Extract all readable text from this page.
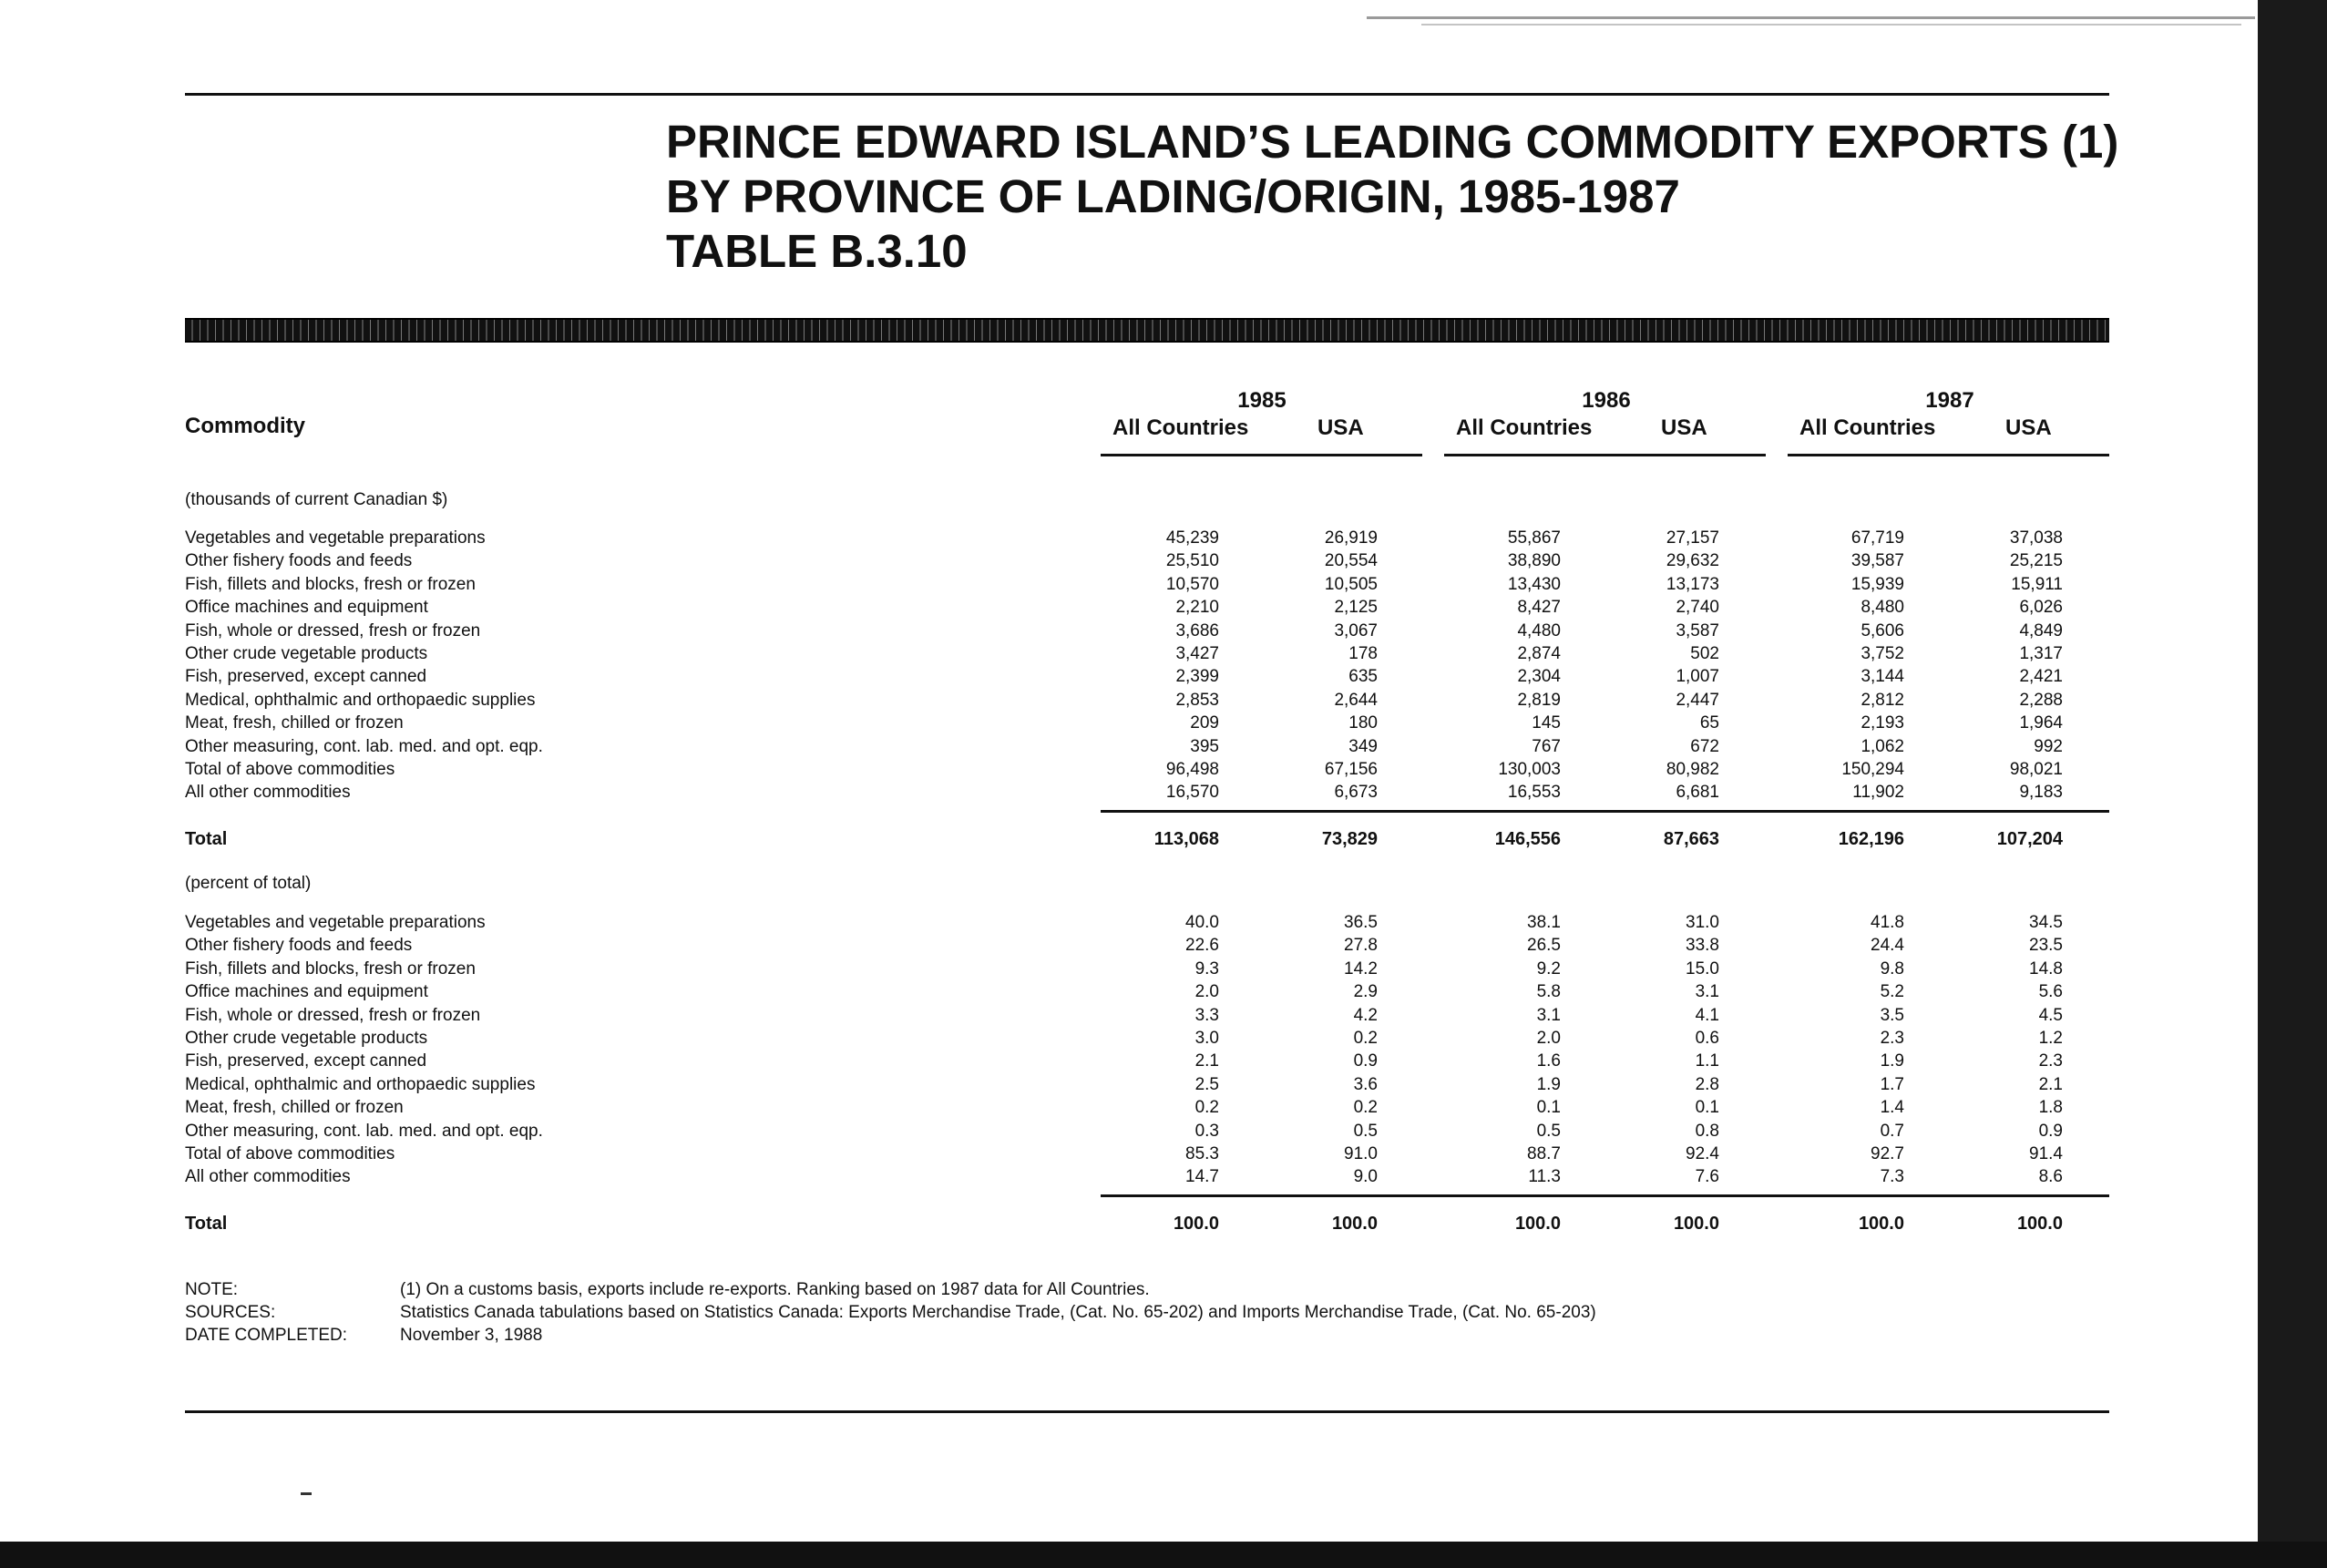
PRINCE EDWARD ISLAND’S LEADING COMMODITY EXPORTS (1)
BY PROVINCE OF LADING/ORIGIN, 1985-1987
TABLE B.3.10
Commodity
1985	1986	1987
All Countries	USA	All Countries	USA	All Countries	USA
(thousands of current Canadian $)
Vegetables and vegetable preparations	45,239	26,919	55,867	27,157	67,719	37,038
Other fishery foods and feeds	25,510	20,554	38,890	29,632	39,587	25,215
Fish, fillets and blocks, fresh or frozen	10,570	10,505	13,430	13,173	15,939	15,911
Office machines and equipment	2,210	2,125	8,427	2,740	8,480	6,026
Fish, whole or dressed, fresh or frozen	3,686	3,067	4,480	3,587	5,606	4,849
Other crude vegetable products	3,427	178	2,874	502	3,752	1,317
Fish, preserved, except canned	2,399	635	2,304	1,007	3,144	2,421
Medical, ophthalmic and orthopaedic supplies	2,853	2,644	2,819	2,447	2,812	2,288
Meat, fresh, chilled or frozen	209	180	145	65	2,193	1,964
Other measuring, cont. lab. med. and opt. eqp.	395	349	767	672	1,062	992
Total of above commodities	96,498	67,156	130,003	80,982	150,294	98,021
All other commodities	16,570	6,673	16,553	6,681	11,902	9,183
Total	113,068	73,829	146,556	87,663	162,196	107,204
(percent of total)
Vegetables and vegetable preparations	40.0	36.5	38.1	31.0	41.8	34.5
Other fishery foods and feeds	22.6	27.8	26.5	33.8	24.4	23.5
Fish, fillets and blocks, fresh or frozen	9.3	14.2	9.2	15.0	9.8	14.8
Office machines and equipment	2.0	2.9	5.8	3.1	5.2	5.6
Fish, whole or dressed, fresh or frozen	3.3	4.2	3.1	4.1	3.5	4.5
Other crude vegetable products	3.0	0.2	2.0	0.6	2.3	1.2
Fish, preserved, except canned	2.1	0.9	1.6	1.1	1.9	2.3
Medical, ophthalmic and orthopaedic supplies	2.5	3.6	1.9	2.8	1.7	2.1
Meat, fresh, chilled or frozen	0.2	0.2	0.1	0.1	1.4	1.8
Other measuring, cont. lab. med. and opt. eqp.	0.3	0.5	0.5	0.8	0.7	0.9
Total of above commodities	85.3	91.0	88.7	92.4	92.7	91.4
All other commodities	14.7	9.0	11.3	7.6	7.3	8.6
Total	100.0	100.0	100.0	100.0	100.0	100.0
NOTE:	(1) On a customs basis, exports include re-exports. Ranking based on 1987 data for All Countries.
SOURCES:	Statistics Canada tabulations based on Statistics Canada: Exports Merchandise Trade, (Cat. No. 65-202) and Imports Merchandise Trade, (Cat. No. 65-203)
DATE COMPLETED:	November 3, 1988
